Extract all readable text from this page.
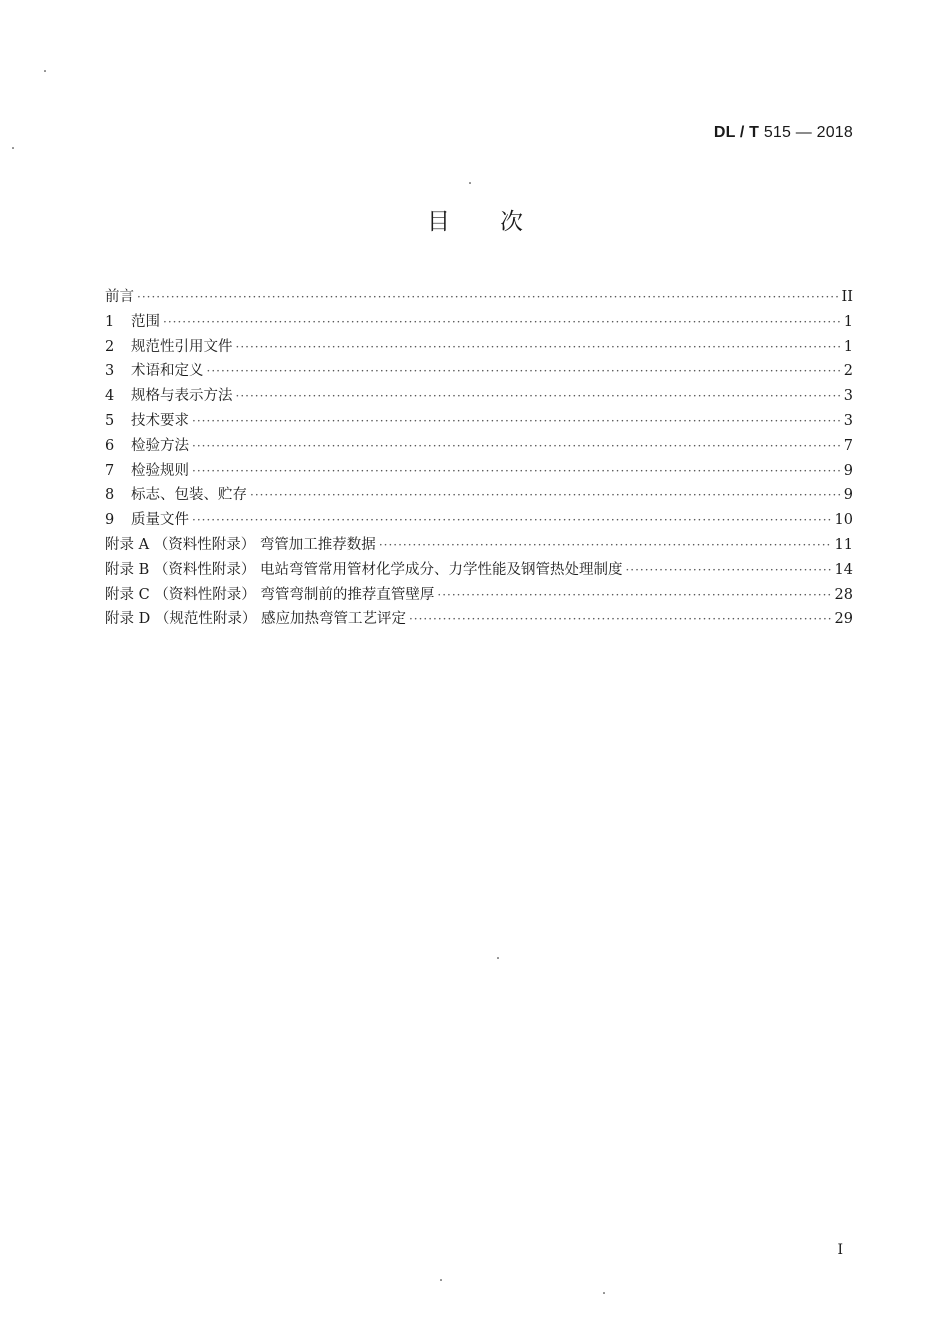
DL / T 515 — 2018
目次
前言 ·····	II
1	范围 ·····	1
2	规范性引用文件 ·····	1
3	术语和定义 ·····	2
4	规格与表示方法 ·····	3
5	技术要求 ·····	3
6	检验方法 ·····	7
7	检验规则 ·····	9
8	标志、包装、贮存 ·····	9
9	质量文件 ·····	10
附录 A （资料性附录） 弯管加工推荐数据 ·····	11
附录 B （资料性附录） 电站弯管常用管材化学成分、力学性能及钢管热处理制度 ·····	14
附录 C （资料性附录） 弯管弯制前的推荐直管壁厚 ·····	28
附录 D （规范性附录） 感应加热弯管工艺评定 ·····	29
I
